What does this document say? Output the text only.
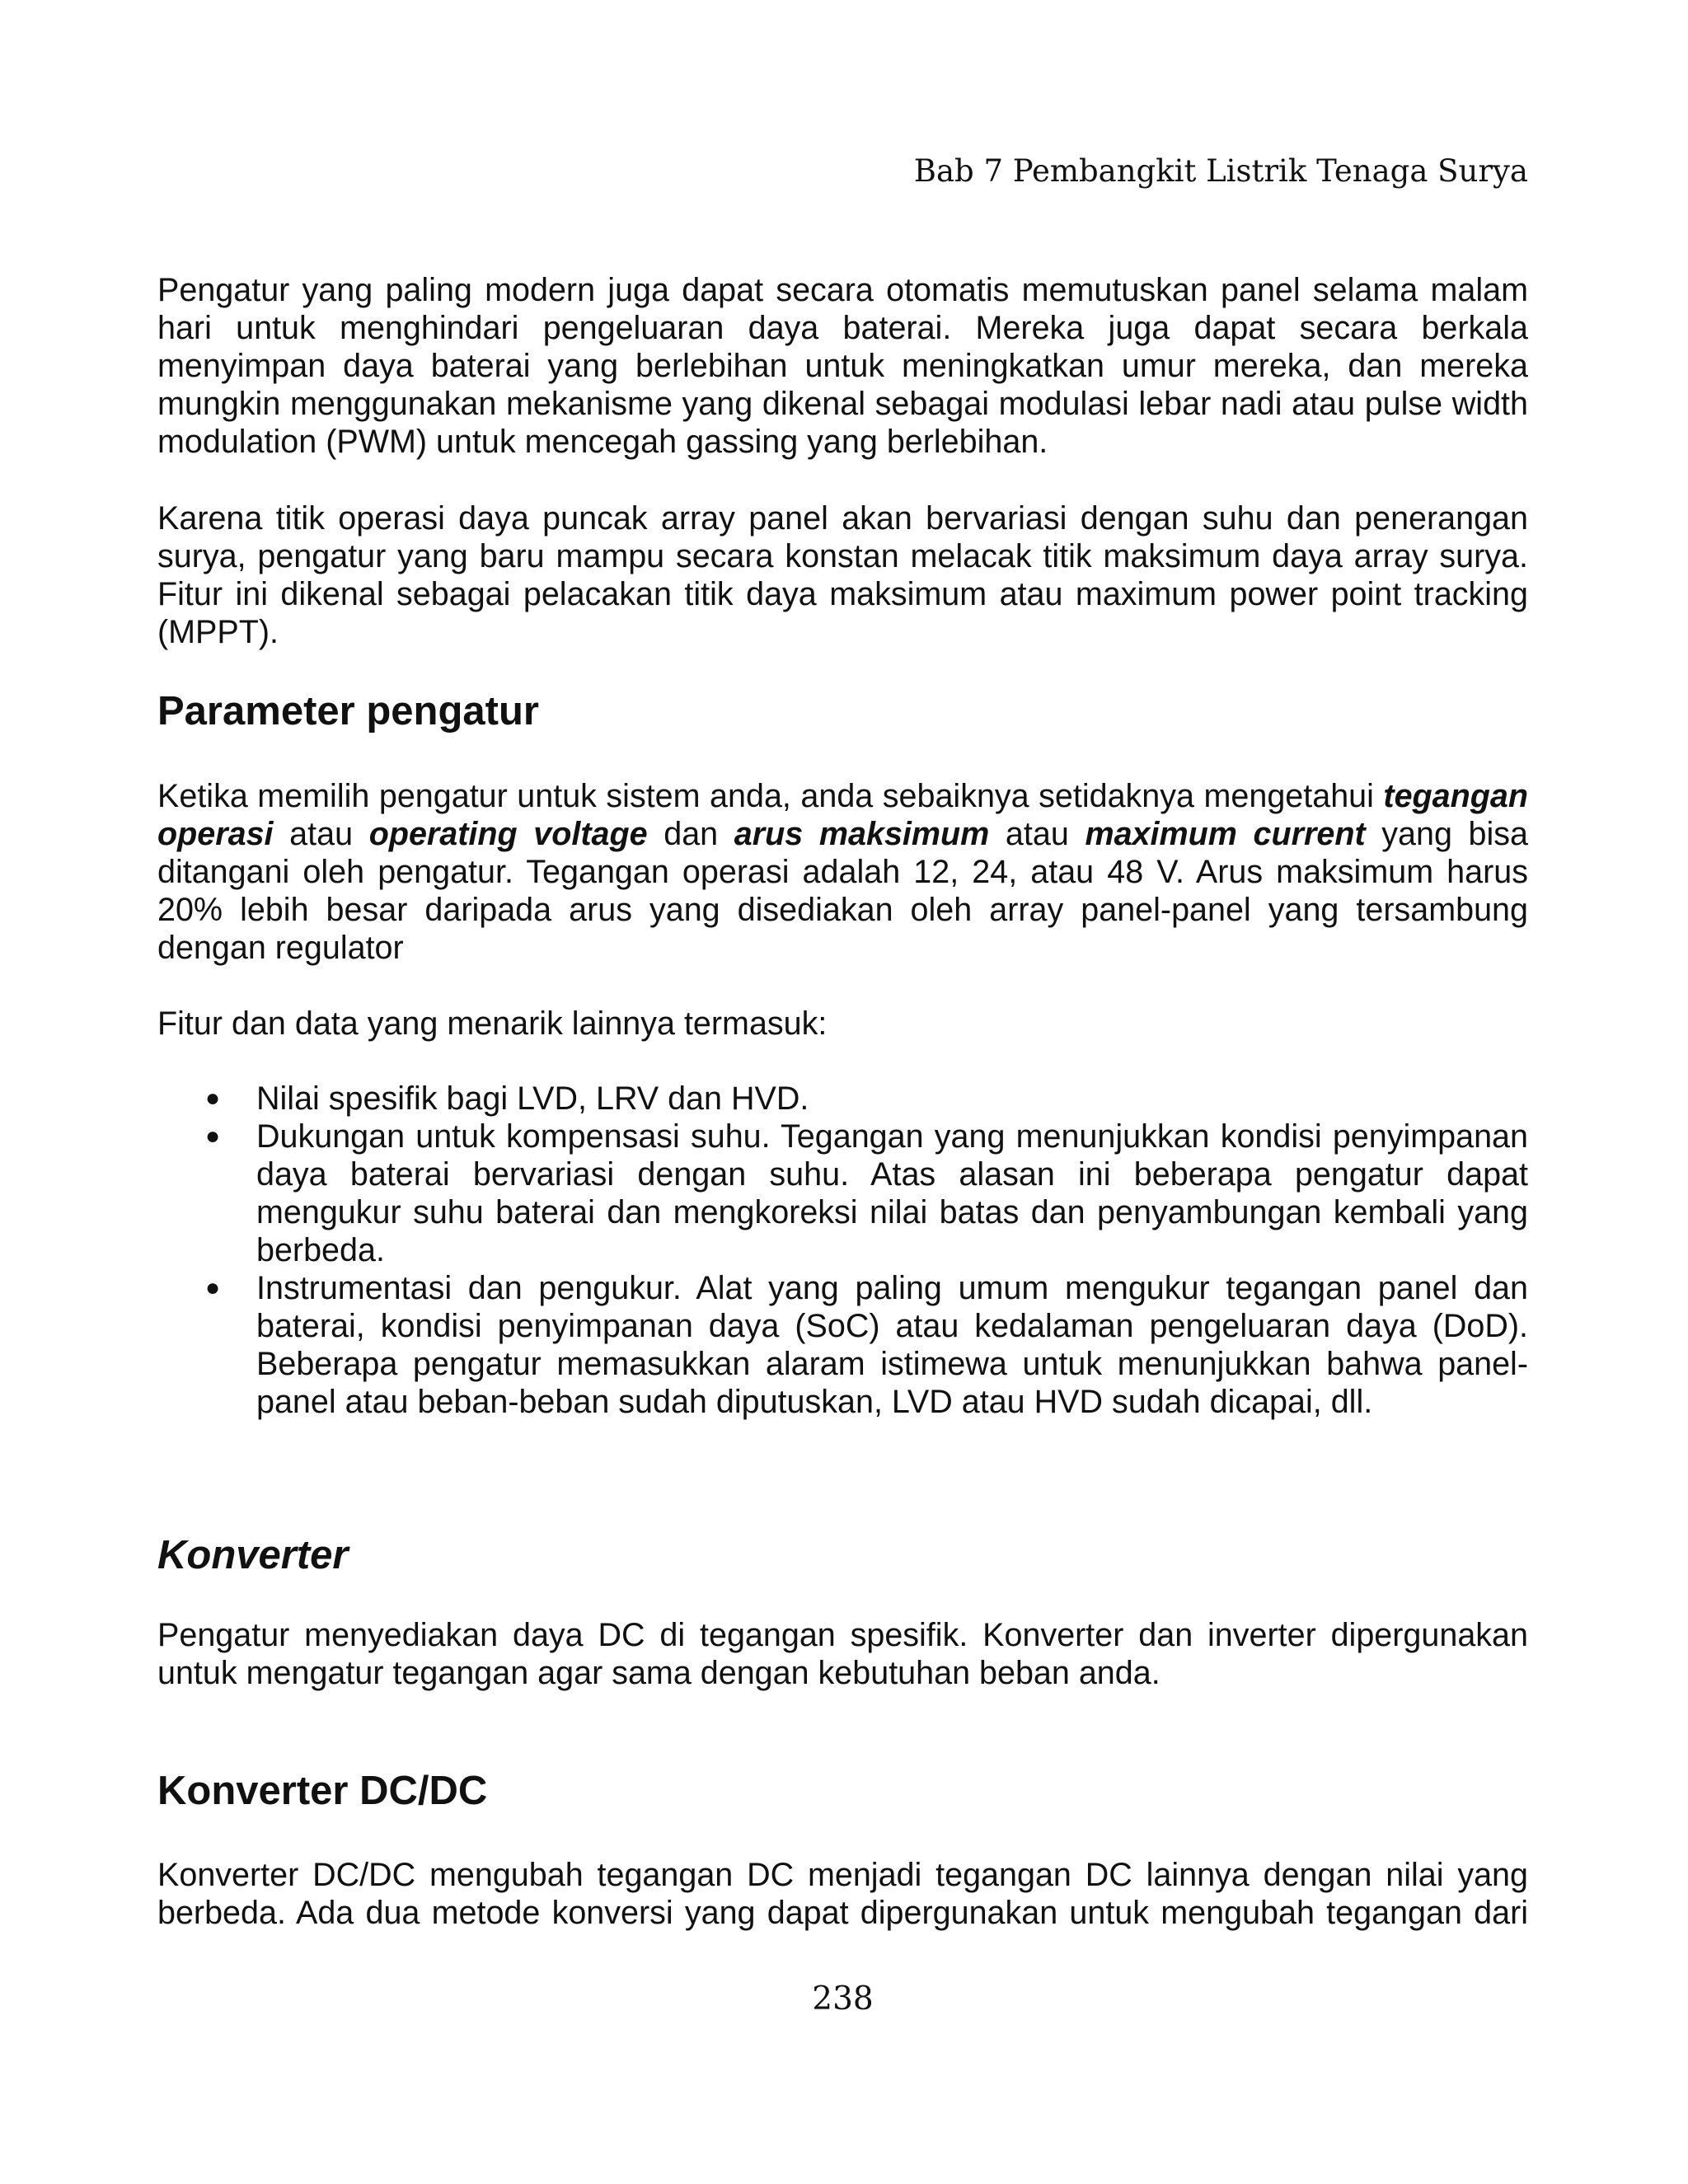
Bab 7 Pembangkit Listrik Tenaga Surya

Pengatur yang paling modern juga dapat secara otomatis memutuskan panel selama malam hari untuk menghindari pengeluaran daya baterai. Mereka juga dapat secara berkala menyimpan daya baterai yang berlebihan untuk meningkatkan umur mereka, dan mereka mungkin menggunakan mekanisme yang dikenal sebagai modulasi lebar nadi atau pulse width modulation (PWM) untuk mencegah gassing yang berlebihan.

Karena titik operasi daya puncak array panel akan bervariasi dengan suhu dan penerangan surya, pengatur yang baru mampu secara konstan melacak titik maksimum daya array surya. Fitur ini dikenal sebagai pelacakan titik daya maksimum atau maximum power point tracking (MPPT).

Parameter pengatur

Ketika memilih pengatur untuk sistem anda, anda sebaiknya setidaknya mengetahui tegangan operasi atau operating voltage dan arus maksimum atau maximum current yang bisa ditangani oleh pengatur. Tegangan operasi adalah 12, 24, atau 48 V. Arus maksimum harus 20% lebih besar daripada arus yang disediakan oleh array panel-panel yang tersambung dengan regulator

Fitur dan data yang menarik lainnya termasuk:

● Nilai spesifik bagi LVD, LRV dan HVD.
● Dukungan untuk kompensasi suhu. Tegangan yang menunjukkan kondisi penyimpanan daya baterai bervariasi dengan suhu. Atas alasan ini beberapa pengatur dapat mengukur suhu baterai dan mengkoreksi nilai batas dan penyambungan kembali yang berbeda.
● Instrumentasi dan pengukur. Alat yang paling umum mengukur tegangan panel dan baterai, kondisi penyimpanan daya (SoC) atau kedalaman pengeluaran daya (DoD). Beberapa pengatur memasukkan alaram istimewa untuk menunjukkan bahwa panel-panel atau beban-beban sudah diputuskan, LVD atau HVD sudah dicapai, dll.
Konverter

Pengatur menyediakan daya DC di tegangan spesifik. Konverter dan inverter dipergunakan untuk mengatur tegangan agar sama dengan kebutuhan beban anda.

Konverter DC/DC

Konverter DC/DC mengubah tegangan DC menjadi tegangan DC lainnya dengan nilai yang berbeda. Ada dua metode konversi yang dapat dipergunakan untuk mengubah tegangan dari

238
